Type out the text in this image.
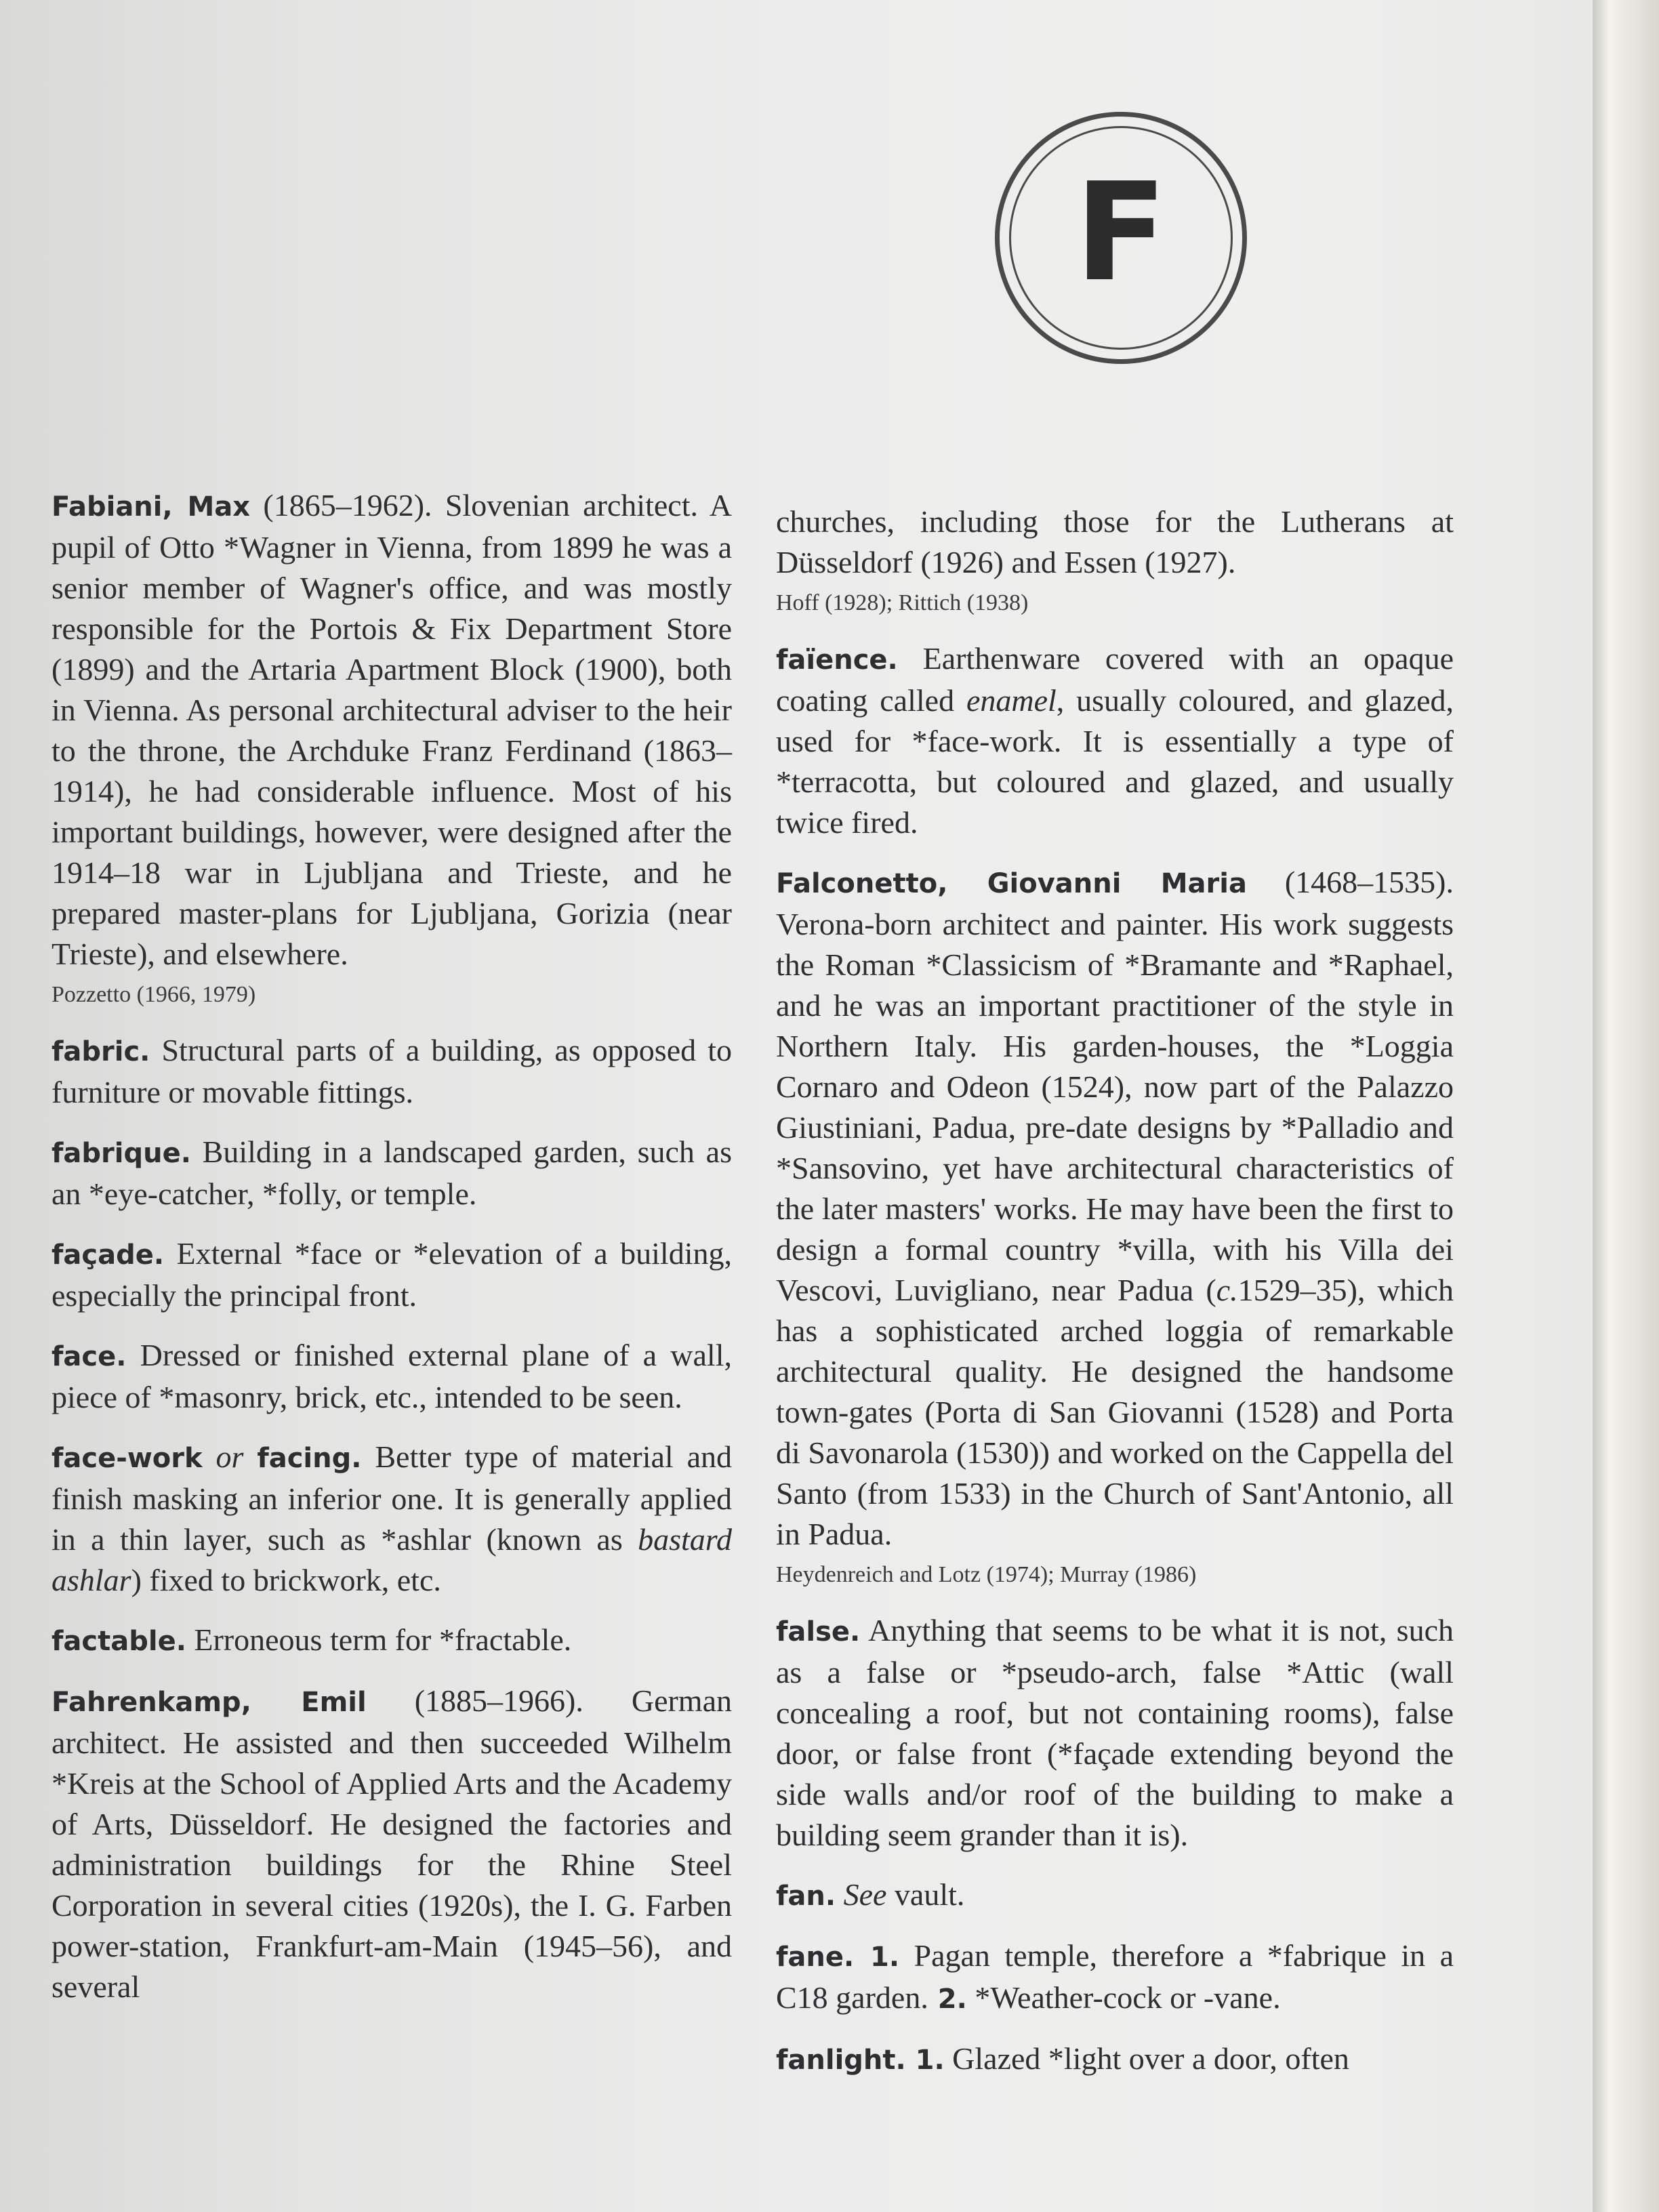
F

Fabiani, Max (1865–1962). Slovenian architect. A pupil of Otto *Wagner in Vienna, from 1899 he was a senior member of Wagner's office, and was mostly responsible for the Portois & Fix Department Store (1899) and the Artaria Apartment Block (1900), both in Vienna. As personal architectural adviser to the heir to the throne, the Archduke Franz Ferdinand (1863–1914), he had considerable influence. Most of his important buildings, however, were designed after the 1914–18 war in Ljubljana and Trieste, and he prepared master-plans for Ljubljana, Gorizia (near Trieste), and elsewhere.

Pozzetto (1966, 1979)

fabric. Structural parts of a building, as opposed to furniture or movable fittings.

fabrique. Building in a landscaped garden, such as an *eye-catcher, *folly, or temple.

façade. External *face or *elevation of a building, especially the principal front.

face. Dressed or finished external plane of a wall, piece of *masonry, brick, etc., intended to be seen.

face-work or facing. Better type of material and finish masking an inferior one. It is generally applied in a thin layer, such as *ashlar (known as bastard ashlar) fixed to brickwork, etc.

factable. Erroneous term for *fractable.

Fahrenkamp, Emil (1885–1966). German architect. He assisted and then succeeded Wilhelm *Kreis at the School of Applied Arts and the Academy of Arts, Düsseldorf. He designed the factories and administration buildings for the Rhine Steel Corporation in several cities (1920s), the I. G. Farben power-station, Frankfurt-am-Main (1945–56), and several

churches, including those for the Lutherans at Düsseldorf (1926) and Essen (1927).

Hoff (1928); Rittich (1938)

faïence. Earthenware covered with an opaque coating called enamel, usually coloured, and glazed, used for *face-work. It is essentially a type of *terracotta, but coloured and glazed, and usually twice fired.

Falconetto, Giovanni Maria (1468–1535). Verona-born architect and painter. His work suggests the Roman *Classicism of *Bramante and *Raphael, and he was an important practitioner of the style in Northern Italy. His garden-houses, the *Loggia Cornaro and Odeon (1524), now part of the Palazzo Giustiniani, Padua, pre-date designs by *Palladio and *Sansovino, yet have architectural characteristics of the later masters' works. He may have been the first to design a formal country *villa, with his Villa dei Vescovi, Luvigliano, near Padua (c.1529–35), which has a sophisticated arched loggia of remarkable architectural quality. He designed the handsome town-gates (Porta di San Giovanni (1528) and Porta di Savonarola (1530)) and worked on the Cappella del Santo (from 1533) in the Church of Sant'Antonio, all in Padua.

Heydenreich and Lotz (1974); Murray (1986)

false. Anything that seems to be what it is not, such as a false or *pseudo-arch, false *Attic (wall concealing a roof, but not containing rooms), false door, or false front (*façade extending beyond the side walls and/or roof of the building to make a building seem grander than it is).

fan. See vault.

fane. 1. Pagan temple, therefore a *fabrique in a C18 garden. 2. *Weather-cock or -vane.

fanlight. 1. Glazed *light over a door, often
